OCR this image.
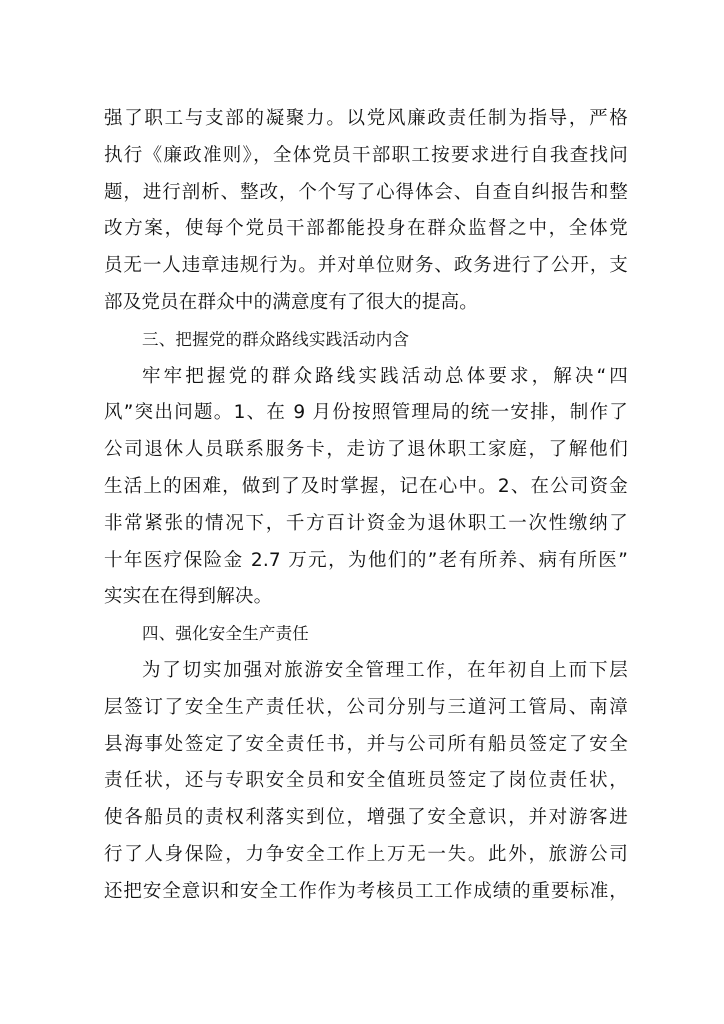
强了职工与支部的凝聚力。以党风廉政责任制为指导，严格
执行《廉政准则》，全体党员干部职工按要求进行自我查找问
题，进行剖析、整改，个个写了心得体会、自查自纠报告和整
改方案，使每个党员干部都能投身在群众监督之中，全体党
员无一人违章违规行为。并对单位财务、政务进行了公开，支
部及党员在群众中的满意度有了很大的提高。
三、把握党的群众路线实践活动内含
牢牢把握党的群众路线实践活动总体要求，解决“四
风”突出问题。1、在 9 月份按照管理局的统一安排，制作了
公司退休人员联系服务卡，走访了退休职工家庭，了解他们
生活上的困难，做到了及时掌握，记在心中。2、在公司资金
非常紧张的情况下，千方百计资金为退休职工一次性缴纳了
十年医疗保险金 2.7 万元，为他们的”老有所养、病有所医”
实实在在得到解决。
四、强化安全生产责任
为了切实加强对旅游安全管理工作，在年初自上而下层
层签订了安全生产责任状，公司分别与三道河工管局、南漳
县海事处签定了安全责任书，并与公司所有船员签定了安全
责任状，还与专职安全员和安全值班员签定了岗位责任状，
使各船员的责权利落实到位，增强了安全意识，并对游客进
行了人身保险，力争安全工作上万无一失。此外，旅游公司
还把安全意识和安全工作作为考核员工工作成绩的重要标准，
